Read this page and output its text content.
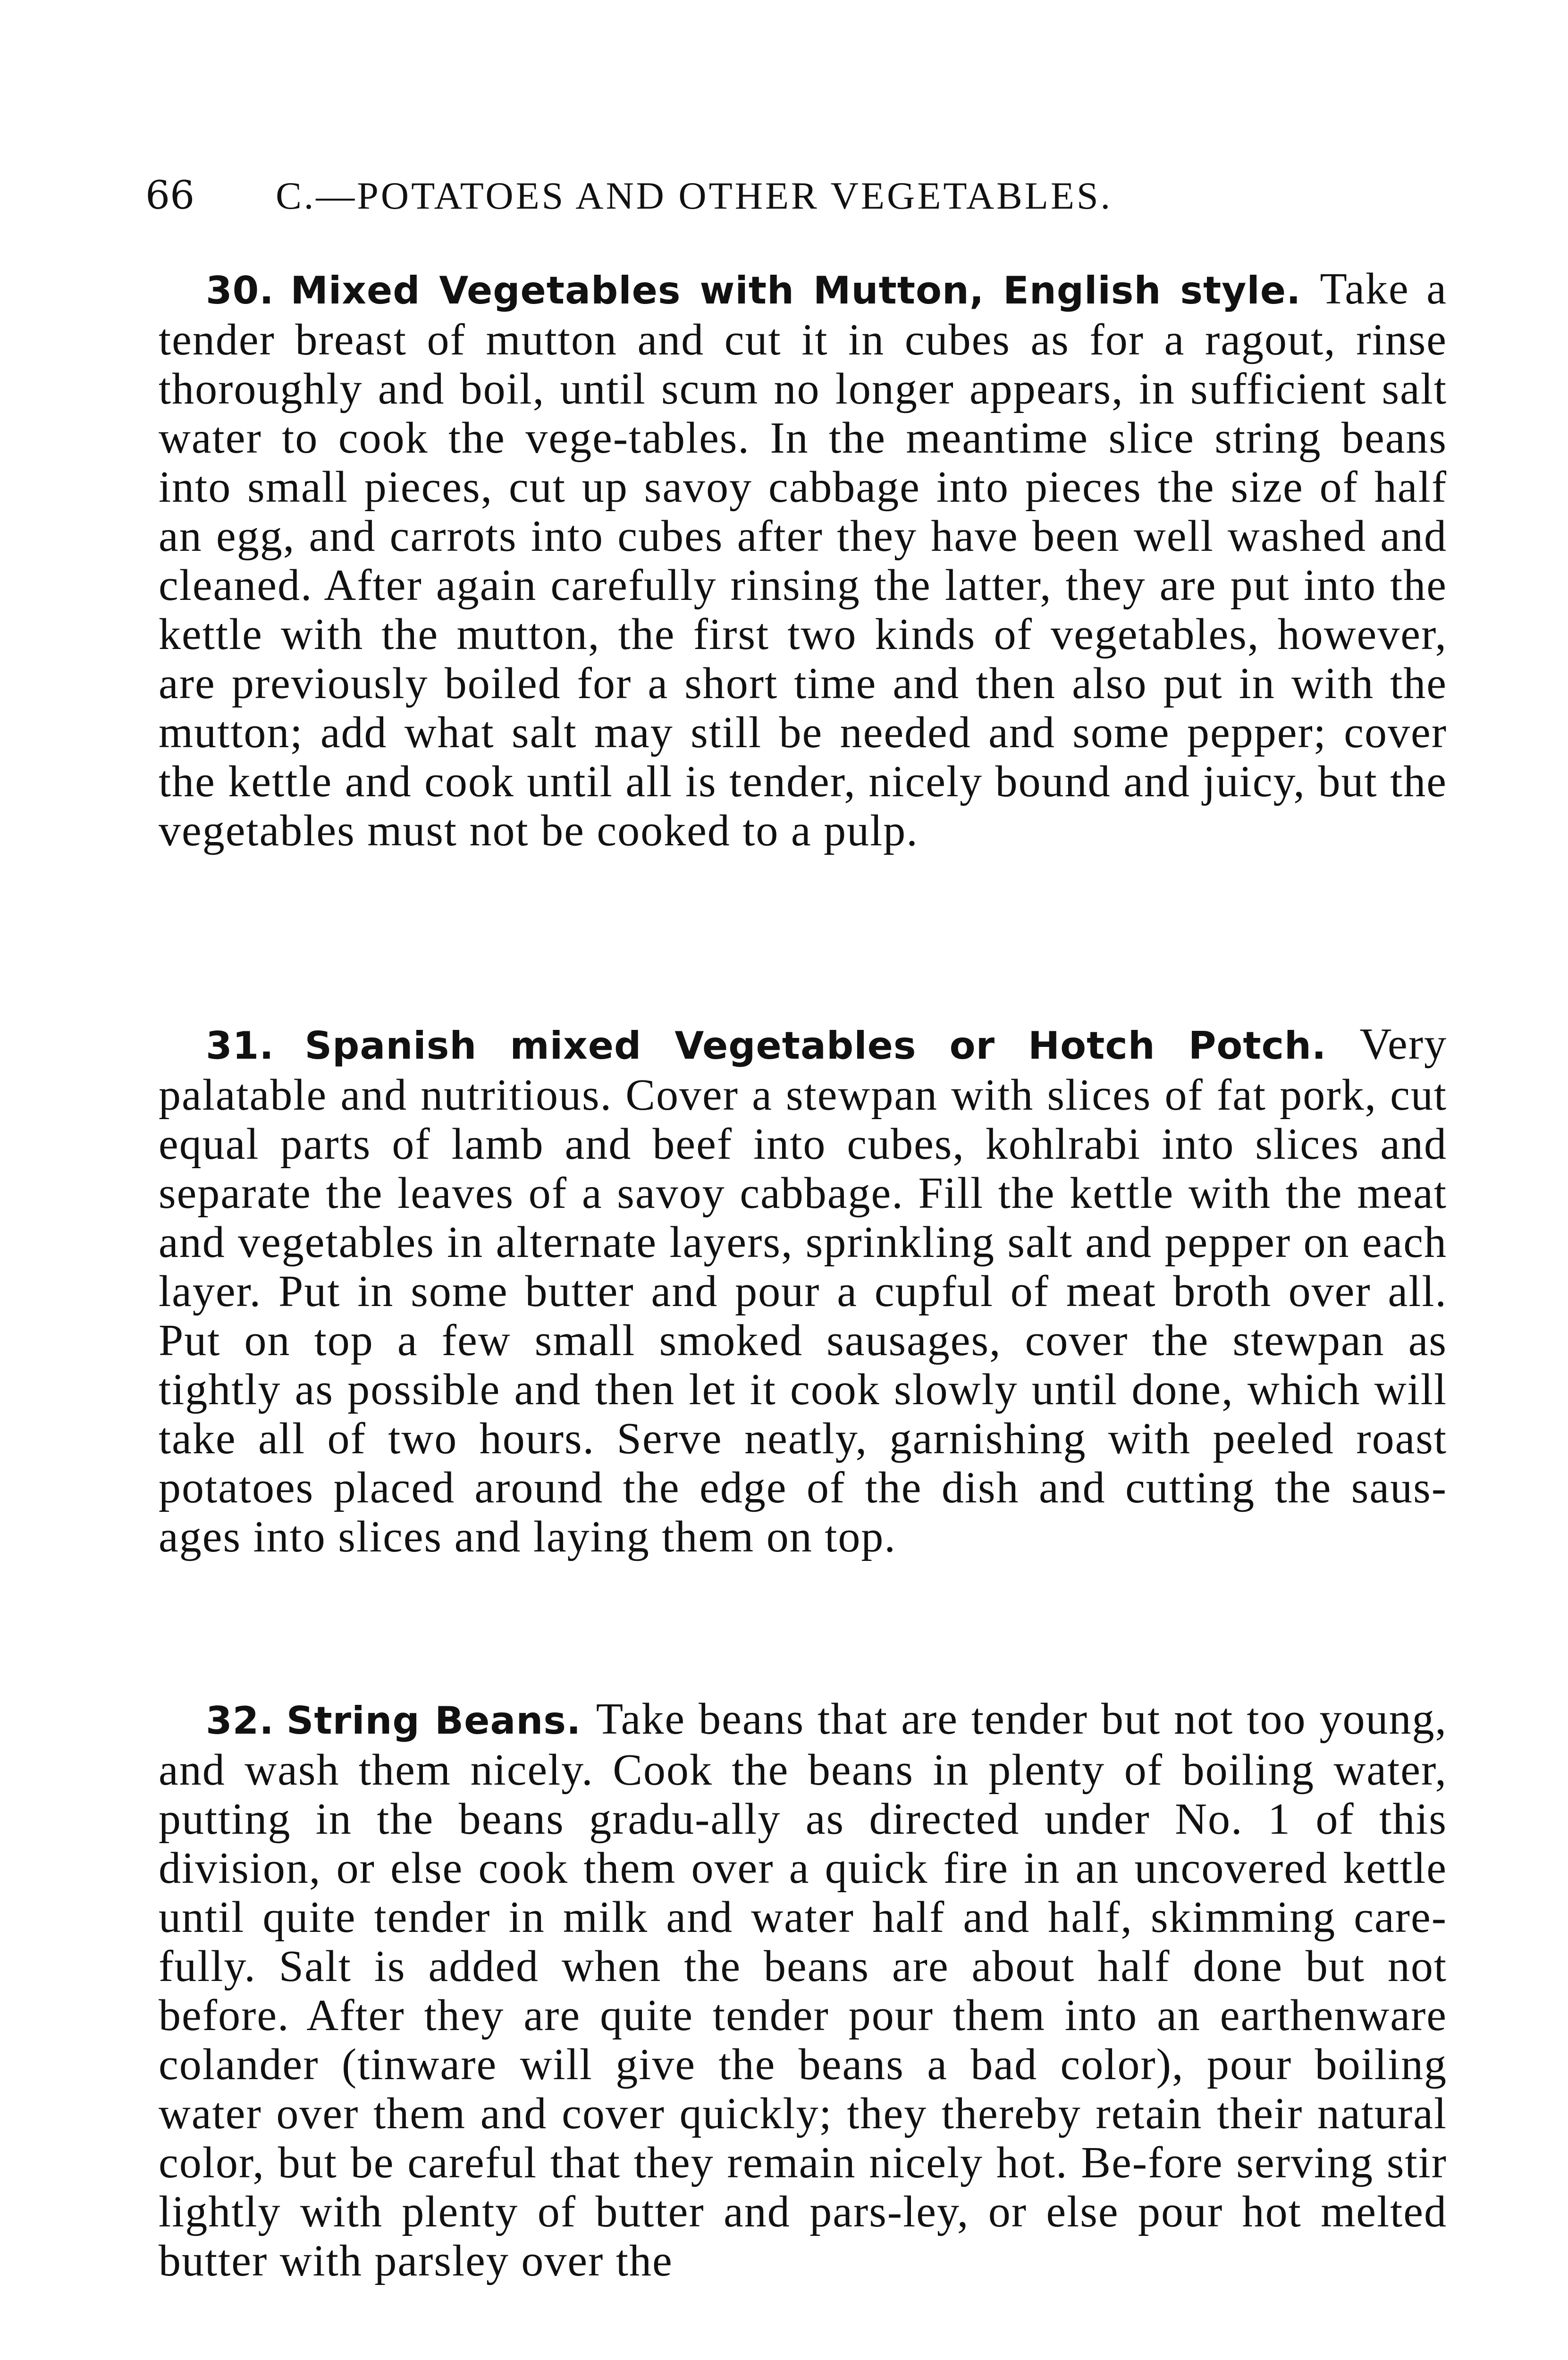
66 C.—POTATOES AND OTHER VEGETABLES.
30. Mixed Vegetables with Mutton, English style. Take a tender breast of mutton and cut it in cubes as for a ragout, rinse thoroughly and boil, until scum no longer appears, in sufficient salt water to cook the vege-tables. In the meantime slice string beans into small pieces, cut up savoy cabbage into pieces the size of half an egg, and carrots into cubes after they have been well washed and cleaned. After again carefully rinsing the latter, they are put into the kettle with the mutton, the first two kinds of vegetables, however, are previously boiled for a short time and then also put in with the mutton; add what salt may still be needed and some pepper; cover the kettle and cook until all is tender, nicely bound and juicy, but the vegetables must not be cooked to a pulp.
31. Spanish mixed Vegetables or Hotch Potch. Very palatable and nutritious. Cover a stewpan with slices of fat pork, cut equal parts of lamb and beef into cubes, kohlrabi into slices and separate the leaves of a savoy cabbage. Fill the kettle with the meat and vegetables in alternate layers, sprinkling salt and pepper on each layer. Put in some butter and pour a cupful of meat broth over all. Put on top a few small smoked sausages, cover the stewpan as tightly as possible and then let it cook slowly until done, which will take all of two hours. Serve neatly, garnishing with peeled roast potatoes placed around the edge of the dish and cutting the saus-ages into slices and laying them on top.
32. String Beans. Take beans that are tender but not too young, and wash them nicely. Cook the beans in plenty of boiling water, putting in the beans gradu-ally as directed under No. 1 of this division, or else cook them over a quick fire in an uncovered kettle until quite tender in milk and water half and half, skimming care-fully. Salt is added when the beans are about half done but not before. After they are quite tender pour them into an earthenware colander (tinware will give the beans a bad color), pour boiling water over them and cover quickly; they thereby retain their natural color, but be careful that they remain nicely hot. Be-fore serving stir lightly with plenty of butter and pars-ley, or else pour hot melted butter with parsley over the
